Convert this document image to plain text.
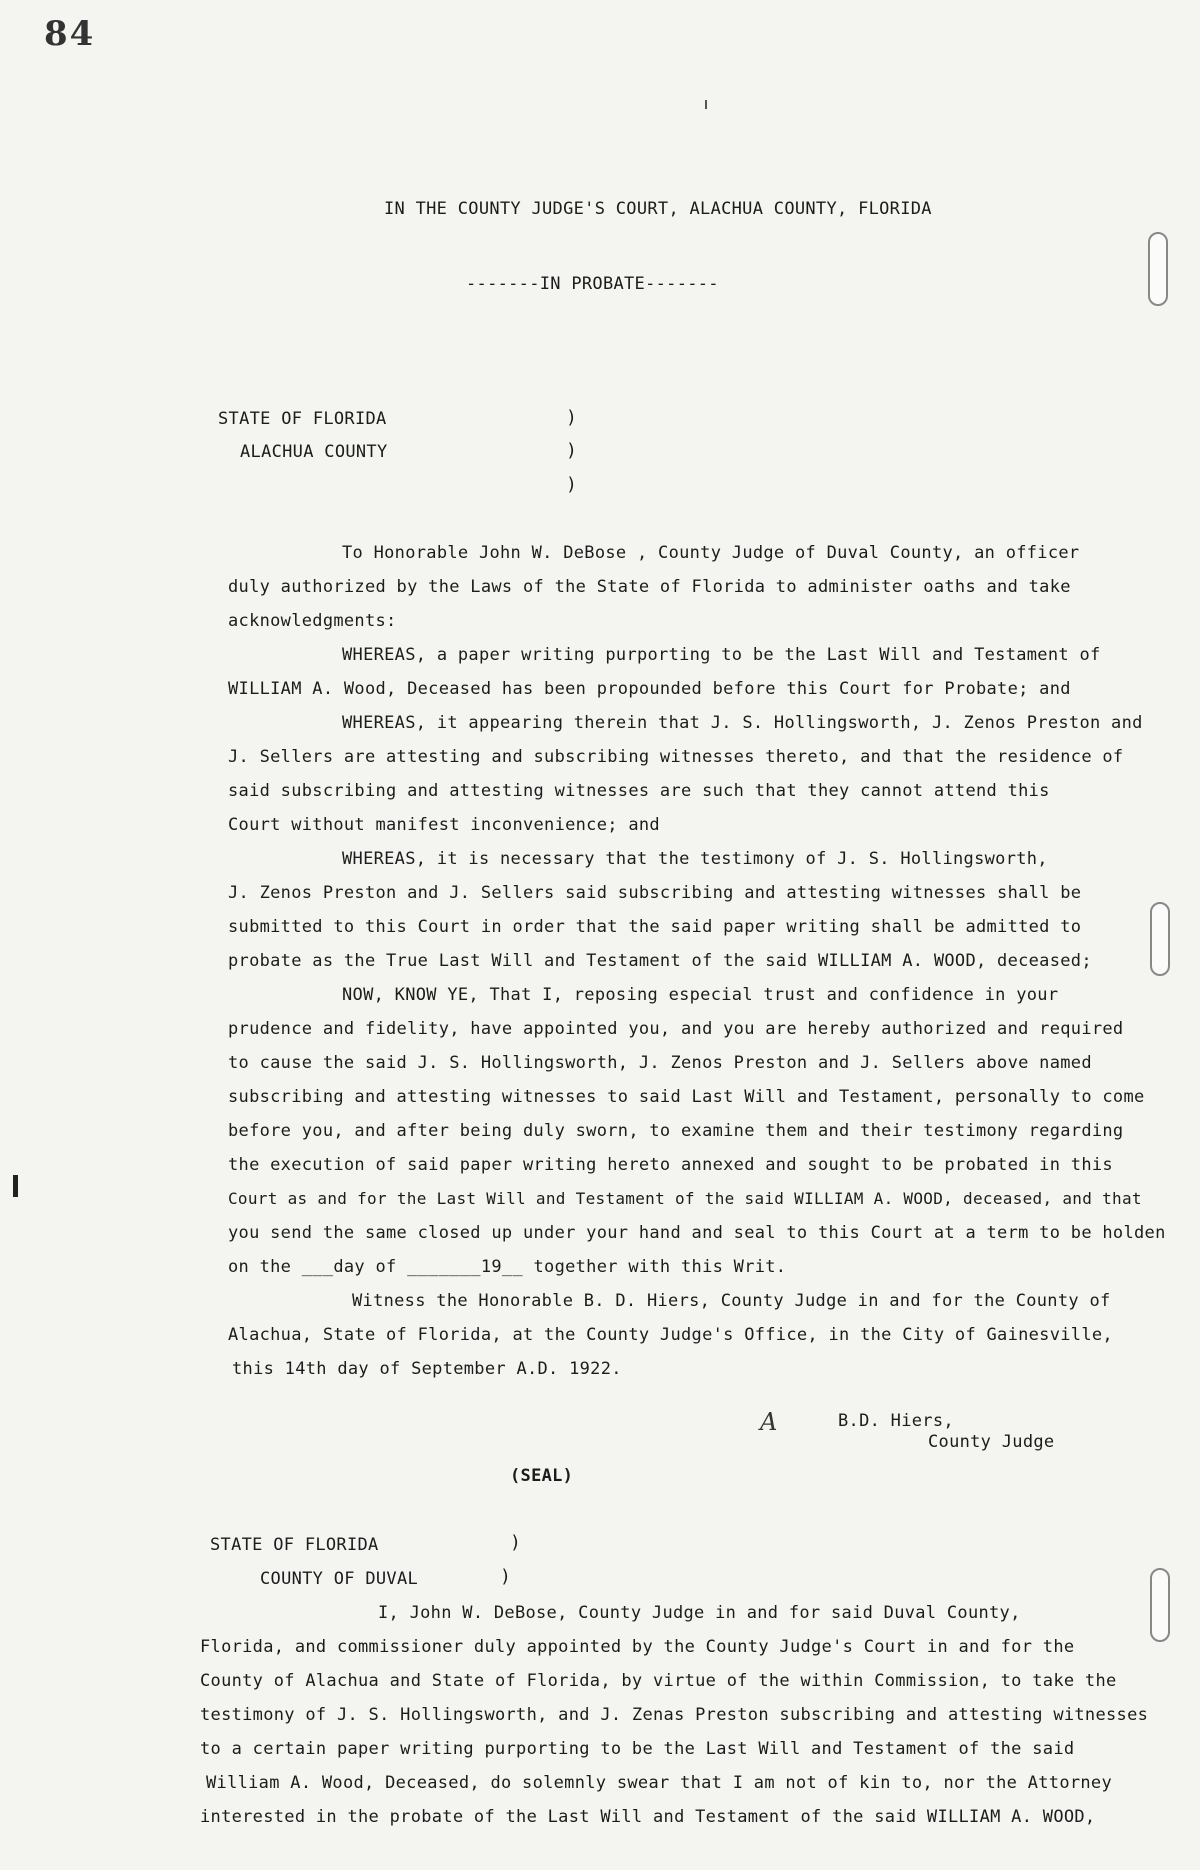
84
IN THE COUNTY JUDGE'S COURT, ALACHUA COUNTY, FLORIDA
-------IN PROBATE-------
STATE OF FLORIDA
ALACHUA COUNTY
)
)
)
To Honorable John W. DeBose , County Judge of Duval County, an officer
duly authorized by the Laws of the State of Florida to administer oaths and take
acknowledgments:
WHEREAS, a paper writing purporting to be the Last Will and Testament of
WILLIAM A. Wood, Deceased has been propounded before this Court for Probate; and
WHEREAS, it appearing therein that J. S. Hollingsworth, J. Zenos Preston and
J. Sellers are attesting and subscribing witnesses thereto, and that the residence of
said subscribing and attesting witnesses are such that they cannot attend this
Court without manifest inconvenience; and
WHEREAS, it is necessary that the testimony of J. S. Hollingsworth,
J. Zenos Preston and J. Sellers said subscribing and attesting witnesses shall be
submitted to this Court in order that the said paper writing shall be admitted to
probate as the True Last Will and Testament of the said WILLIAM A. WOOD, deceased;
NOW, KNOW YE, That I, reposing especial trust and confidence in your
prudence and fidelity, have appointed you, and you are hereby authorized and required
to cause the said J. S. Hollingsworth, J. Zenos Preston and J. Sellers above named
subscribing and attesting witnesses to said Last Will and Testament, personally to come
before you, and after being duly sworn, to examine them and their testimony regarding
the execution of said paper writing hereto annexed and sought to be probated in this
Court as and for the Last Will and Testament of the said WILLIAM A. WOOD, deceased, and that
you send the same closed up under your hand and seal to this Court at a term to be holden
on the ___day of _______19__ together with this Writ.
Witness the Honorable B. D. Hiers, County Judge in and for the County of
Alachua, State of Florida, at the County Judge's Office, in the City of Gainesville,
this 14th day of September A.D. 1922.
A	B.D. Hiers,
County Judge
(SEAL)
STATE OF FLORIDA
COUNTY OF DUVAL
)
)
I, John W. DeBose, County Judge in and for said Duval County,
Florida, and commissioner duly appointed by the County Judge's Court in and for the
County of Alachua and State of Florida, by virtue of the within Commission, to take the
testimony of J. S. Hollingsworth, and J. Zenas Preston subscribing and attesting witnesses
to a certain paper writing purporting to be the Last Will and Testament of the said
William A. Wood, Deceased, do solemnly swear that I am not of kin to, nor the Attorney
interested in the probate of the Last Will and Testament of the said WILLIAM A. WOOD,
